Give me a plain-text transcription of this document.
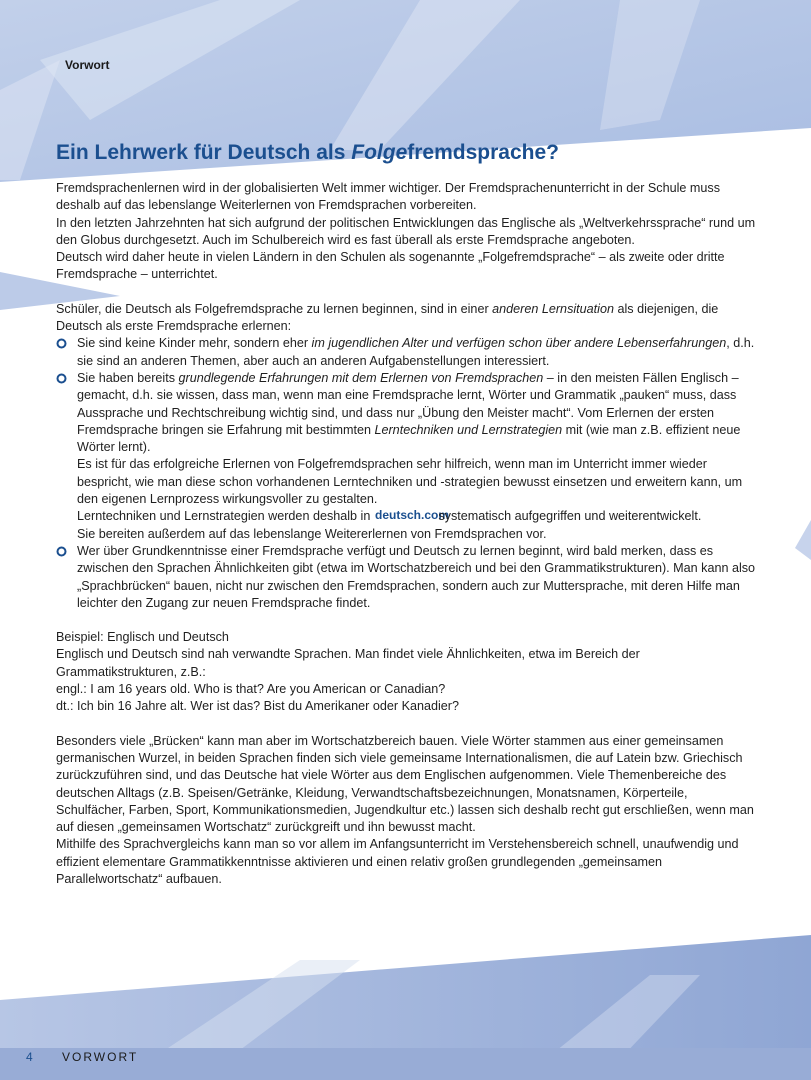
Vorwort
Ein Lehrwerk für Deutsch als Folgefremdsprache?

Fremdsprachenlernen wird in der globalisierten Welt immer wichtiger. Der Fremdsprachenunterricht in der Schule muss deshalb auf das lebenslange Weiterlernen von Fremdsprachen vorbereiten.

In den letzten Jahrzehnten hat sich aufgrund der politischen Entwicklungen das Englische als „Weltverkehrssprache“ rund um den Globus durchgesetzt. Auch im Schulbereich wird es fast überall als erste Fremdsprache angeboten.

Deutsch wird daher heute in vielen Ländern in den Schulen als sogenannte „Folgefremdsprache“ – als zweite oder dritte Fremdsprache – unterrichtet.

Schüler, die Deutsch als Folgefremdsprache zu lernen beginnen, sind in einer anderen Lernsituation als diejenigen, die Deutsch als erste Fremdsprache erlernen:

Sie sind keine Kinder mehr, sondern eher im jugendlichen Alter und verfügen schon über andere Lebenserfahrungen, d.h. sie sind an anderen Themen, aber auch an anderen Aufgabenstellungen interessiert.
Sie haben bereits grundlegende Erfahrungen mit dem Erlernen von Fremdsprachen – in den meisten Fällen Englisch – gemacht, d.h. sie wissen, dass man, wenn man eine Fremdsprache lernt, Wörter und Grammatik „pauken“ muss, dass Aussprache und Rechtschreibung wichtig sind, und dass nur „Übung den Meister macht“. Vom Erlernen der ersten Fremdsprache bringen sie Erfahrung mit bestimmten Lerntechniken und Lernstrategien mit (wie man z.B. effizient neue Wörter lernt).
Es ist für das erfolgreiche Erlernen von Folgefremdsprachen sehr hilfreich, wenn man im Unterricht immer wieder bespricht, wie man diese schon vorhandenen Lerntechniken und -strategien bewusst einsetzen und erweitern kann, um den eigenen Lernprozess wirkungsvoller zu gestalten.
Lerntechniken und Lernstrategien werden deshalb in deutsch.com
systematisch aufgegriffen und weiterentwickelt.
Sie bereiten außerdem auf das lebenslange Weitererlernen von Fremdsprachen vor.
Wer über Grundkenntnisse einer Fremdsprache verfügt und Deutsch zu lernen beginnt, wird bald merken, dass es zwischen den Sprachen Ähnlichkeiten gibt (etwa im Wortschatzbereich und bei den Grammatikstrukturen). Man kann also „Sprachbrücken“ bauen, nicht nur zwischen den Fremdsprachen, sondern auch zur Muttersprache, mit deren Hilfe man leichter den Zugang zur neuen Fremdsprache findet.

Beispiel: Englisch und Deutsch

Englisch und Deutsch sind nah verwandte Sprachen. Man findet viele Ähnlichkeiten, etwa im Bereich der Grammatikstrukturen, z.B.:

engl.: I am 16 years old. Who is that? Are you American or Canadian?

dt.: Ich bin 16 Jahre alt. Wer ist das? Bist du Amerikaner oder Kanadier?

Besonders viele „Brücken“ kann man aber im Wortschatzbereich bauen. Viele Wörter stammen aus einer gemeinsamen germanischen Wurzel, in beiden Sprachen finden sich viele gemeinsame Internationalismen, die auf Latein bzw. Griechisch zurückzuführen sind, und das Deutsche hat viele Wörter aus dem Englischen aufgenommen. Viele Themenbereiche des deutschen Alltags (z.B. Speisen/Getränke, Kleidung, Verwandtschaftsbezeichnungen, Monatsnamen, Körperteile, Schulfächer, Farben, Sport, Kommunikationsmedien, Jugendkultur etc.) lassen sich deshalb recht gut erschließen, wenn man auf diesen „gemeinsamen Wortschatz“ zurückgreift und ihn bewusst macht.

Mithilfe des Sprachvergleichs kann man so vor allem im Anfangsunterricht im Verstehensbereich schnell, unaufwendig und effizient elementare Grammatikkenntnisse aktivieren und einen relativ großen grundlegenden „gemeinsamen Parallelwortschatz“ aufbauen.

4 VORWORT
